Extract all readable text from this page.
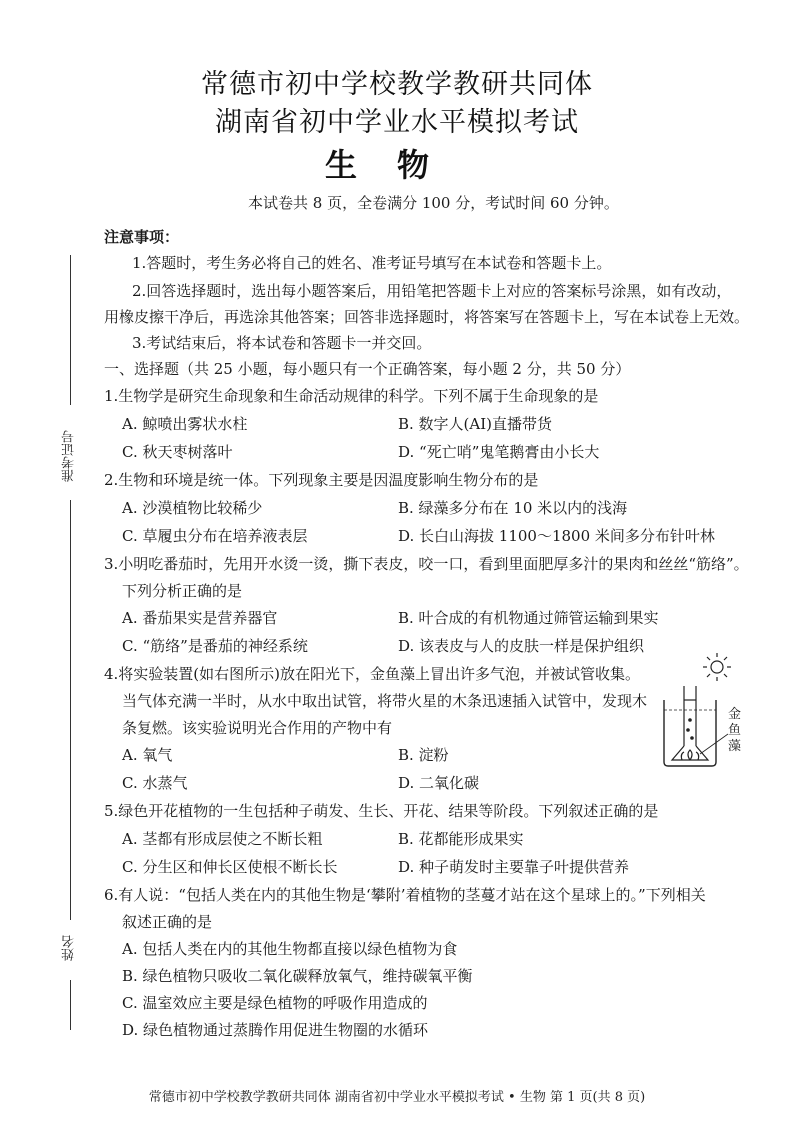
准考证号
姓名
常德市初中学校教学教研共同体
湖南省初中学业水平模拟考试
生物
本试卷共 8 页，全卷满分 100 分，考试时间 60 分钟。
注意事项：
1.答题时，考生务必将自己的姓名、准考证号填写在本试卷和答题卡上。
2.回答选择题时，选出每小题答案后，用铅笔把答题卡上对应的答案标号涂黑，如有改动，
用橡皮擦干净后，再选涂其他答案；回答非选择题时，将答案写在答题卡上，写在本试卷上无效。
3.考试结束后，将本试卷和答题卡一并交回。
一、选择题（共 25 小题，每小题只有一个正确答案，每小题 2 分，共 50 分）
1.生物学是研究生命现象和生命活动规律的科学。下列不属于生命现象的是
A. 鲸喷出雾状水柱	B. 数字人(AI)直播带货
C. 秋天枣树落叶	D. “死亡哨”鬼笔鹅膏由小长大
2.生物和环境是统一体。下列现象主要是因温度影响生物分布的是
A. 沙漠植物比较稀少	B. 绿藻多分布在 10 米以内的浅海
C. 草履虫分布在培养液表层	D. 长白山海拔 1100～1800 米间多分布针叶林
3.小明吃番茄时，先用开水烫一烫，撕下表皮，咬一口，看到里面肥厚多汁的果肉和丝丝“筋络”。
下列分析正确的是
A. 番茄果实是营养器官	B. 叶合成的有机物通过筛管运输到果实
C. “筋络”是番茄的神经系统	D. 该表皮与人的皮肤一样是保护组织
4.将实验装置(如右图所示)放在阳光下，金鱼藻上冒出许多气泡，并被试管收集。
当气体充满一半时，从水中取出试管，将带火星的木条迅速插入试管中，发现木
条复燃。该实验说明光合作用的产物中有
A. 氧气	B. 淀粉
C. 水蒸气	D. 二氧化碳
金鱼藻
5.绿色开花植物的一生包括种子萌发、生长、开花、结果等阶段。下列叙述正确的是
A. 茎都有形成层使之不断长粗	B. 花都能形成果实
C. 分生区和伸长区使根不断长长	D. 种子萌发时主要靠子叶提供营养
6.有人说：“包括人类在内的其他生物是‘攀附’着植物的茎蔓才站在这个星球上的。”下列相关
叙述正确的是
A. 包括人类在内的其他生物都直接以绿色植物为食
B. 绿色植物只吸收二氧化碳释放氧气，维持碳氧平衡
C. 温室效应主要是绿色植物的呼吸作用造成的
D. 绿色植物通过蒸腾作用促进生物圈的水循环
常德市初中学校教学教研共同体 湖南省初中学业水平模拟考试 • 生物 第 1 页(共 8 页)
